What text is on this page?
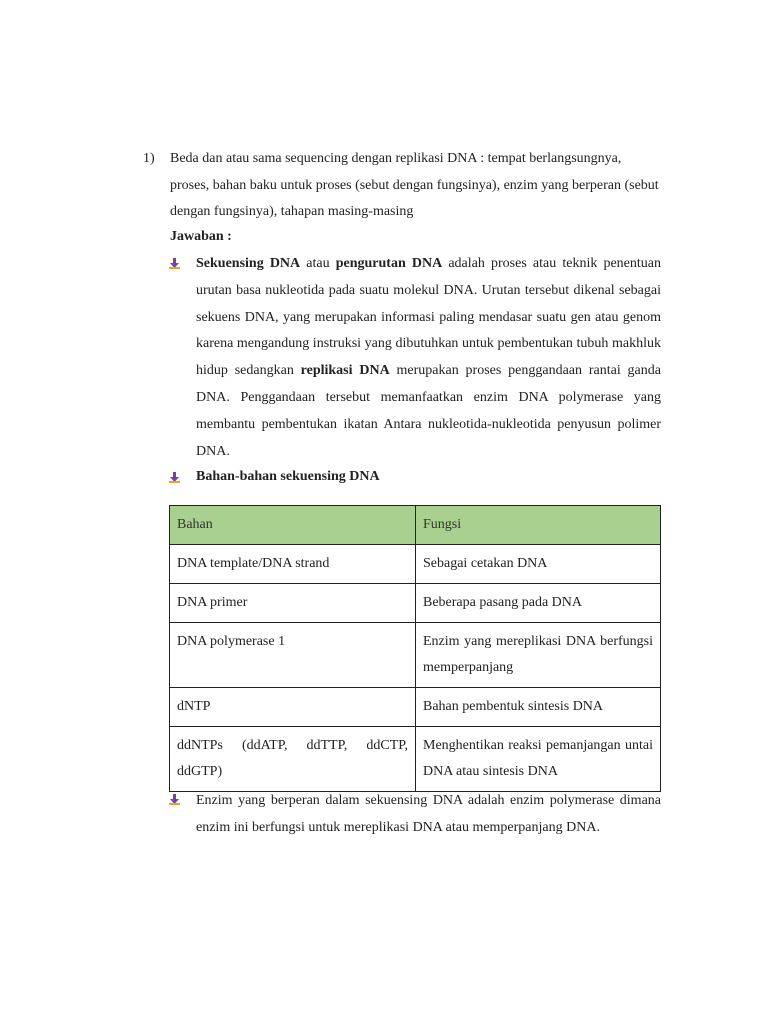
1) Beda dan atau sama sequencing dengan replikasi DNA : tempat berlangsungnya, proses, bahan baku untuk proses (sebut dengan fungsinya), enzim yang berperan (sebut dengan fungsinya), tahapan masing-masing
Jawaban :
Sekuensing DNA atau pengurutan DNA adalah proses atau teknik penentuan urutan basa nukleotida pada suatu molekul DNA. Urutan tersebut dikenal sebagai sekuens DNA, yang merupakan informasi paling mendasar suatu gen atau genom karena mengandung instruksi yang dibutuhkan untuk pembentukan tubuh makhluk hidup sedangkan replikasi DNA merupakan proses penggandaan rantai ganda DNA. Penggandaan tersebut memanfaatkan enzim DNA polymerase yang membantu pembentukan ikatan Antara nukleotida-nukleotida penyusun polimer DNA.
Bahan-bahan sekuensing DNA
Bahan	Fungsi
DNA template/DNA strand	Sebagai cetakan DNA
DNA primer	Beberapa pasang pada DNA
DNA polymerase 1	Enzim yang mereplikasi DNA berfungsi memperpanjang
dNTP	Bahan pembentuk sintesis DNA
ddNTPs (ddATP, ddTTP, ddCTP, ddGTP)	Menghentikan reaksi pemanjangan untai DNA atau sintesis DNA
Enzim yang berperan dalam sekuensing DNA adalah enzim polymerase dimana enzim ini berfungsi untuk mereplikasi DNA atau memperpanjang DNA.
